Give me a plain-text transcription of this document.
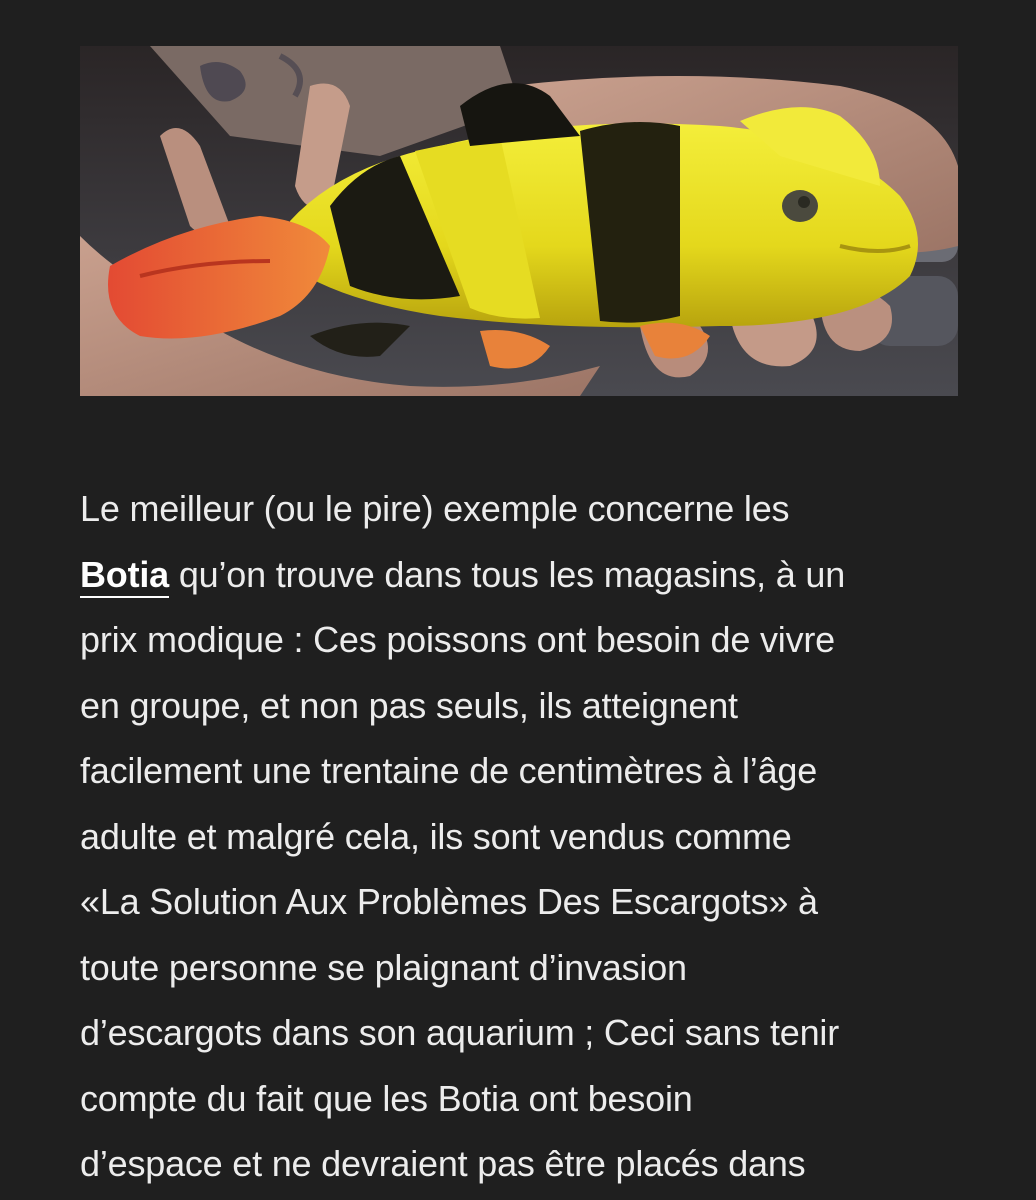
Le meilleur (ou le pire) exemple concerne les
Botia qu’on trouve dans tous les magasins, à un
prix modique : Ces poissons ont besoin de vivre
en groupe, et non pas seuls, ils atteignent
facilement une trentaine de centimètres à l’âge
adulte et malgré cela, ils sont vendus comme
«La Solution Aux Problèmes Des Escargots» à
toute personne se plaignant d’invasion
d’escargots dans son aquarium ; Ceci sans tenir
compte du fait que les Botia ont besoin
d’espace et ne devraient pas être placés dans
